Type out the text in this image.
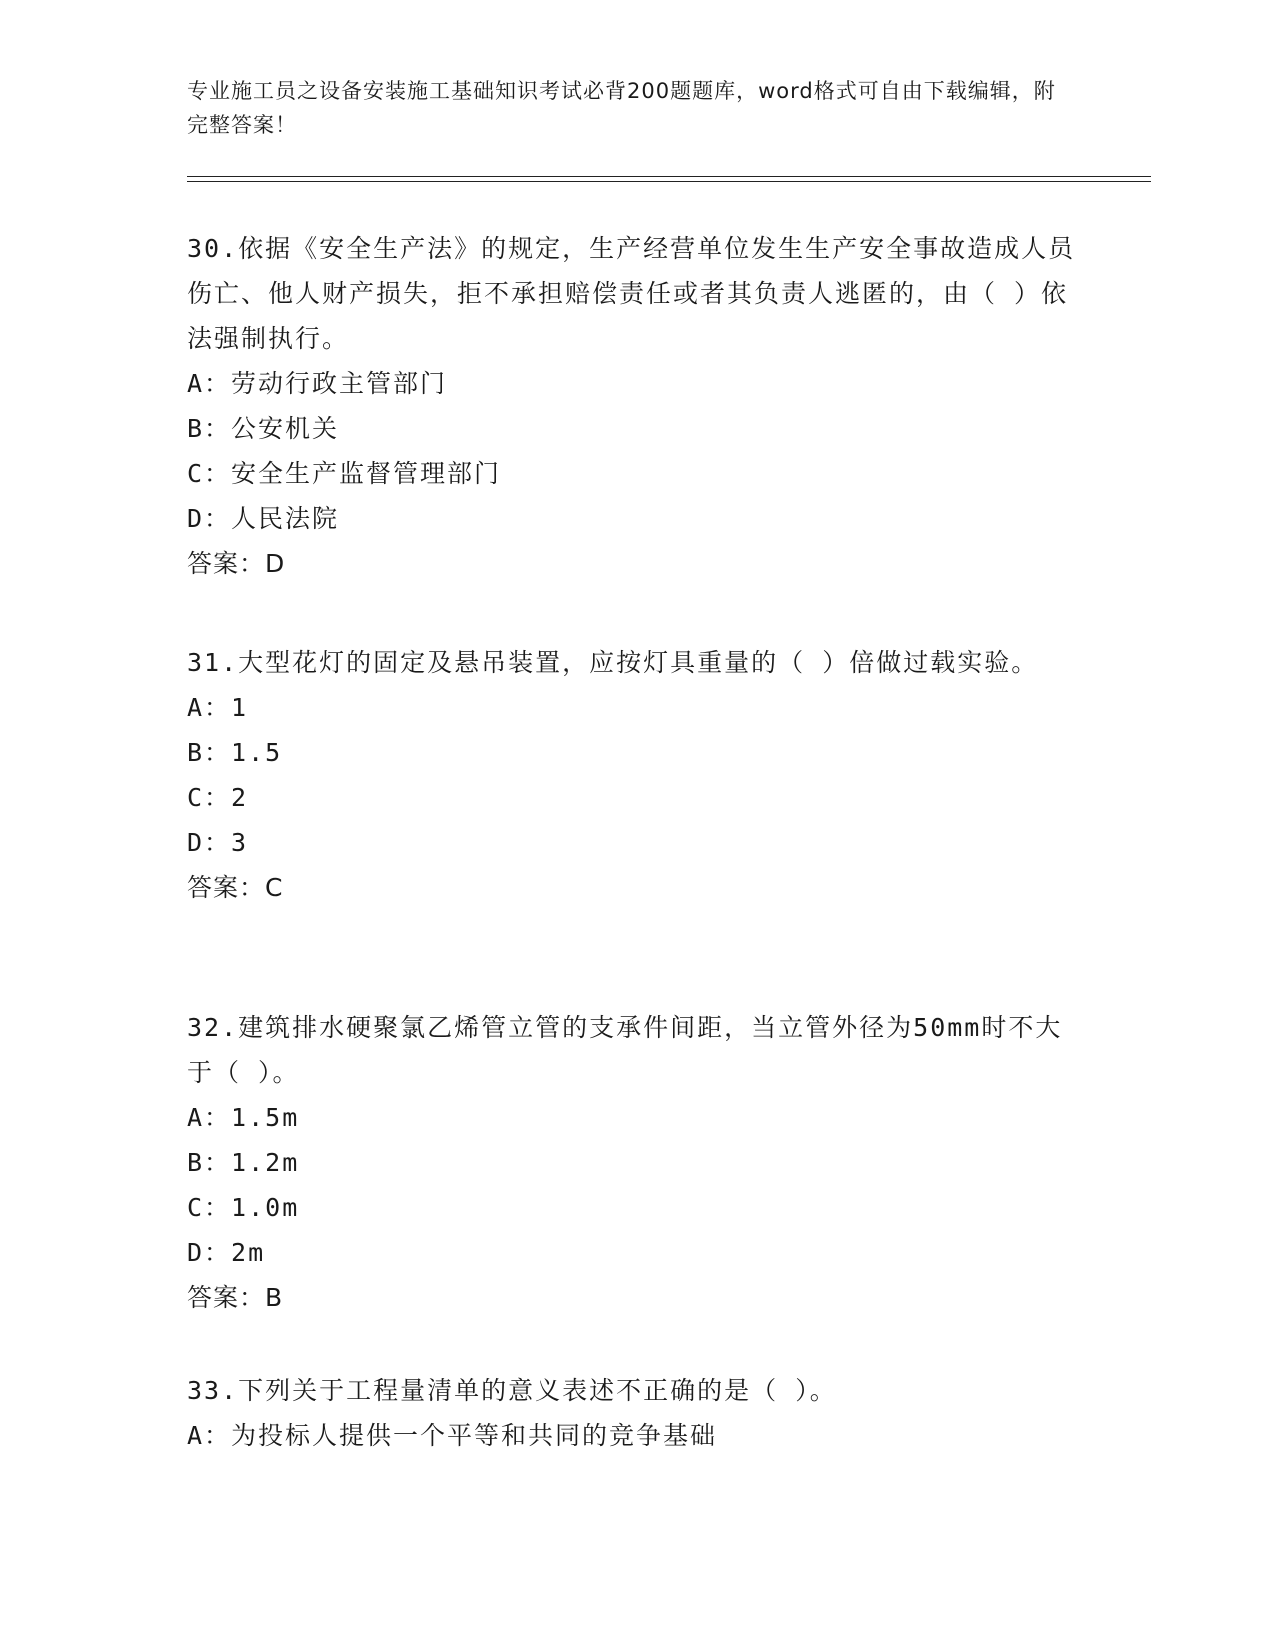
专业施工员之设备安装施工基础知识考试必背200题题库，word格式可自由下载编辑，附完整答案！
30.依据《安全生产法》的规定，生产经营单位发生生产安全事故造成人员伤亡、他人财产损失，拒不承担赔偿责任或者其负责人逃匿的，由（ ）依法强制执行。
A：劳动行政主管部门
B：公安机关
C：安全生产监督管理部门
D：人民法院
答案：D
31.大型花灯的固定及悬吊装置，应按灯具重量的（ ）倍做过载实验。
A：1
B：1.5
C：2
D：3
答案：C
32.建筑排水硬聚氯乙烯管立管的支承件间距，当立管外径为50mm时不大于（ ）。
A：1.5m
B：1.2m
C：1.0m
D：2m
答案：B
33.下列关于工程量清单的意义表述不正确的是（ ）。
A：为投标人提供一个平等和共同的竞争基础
